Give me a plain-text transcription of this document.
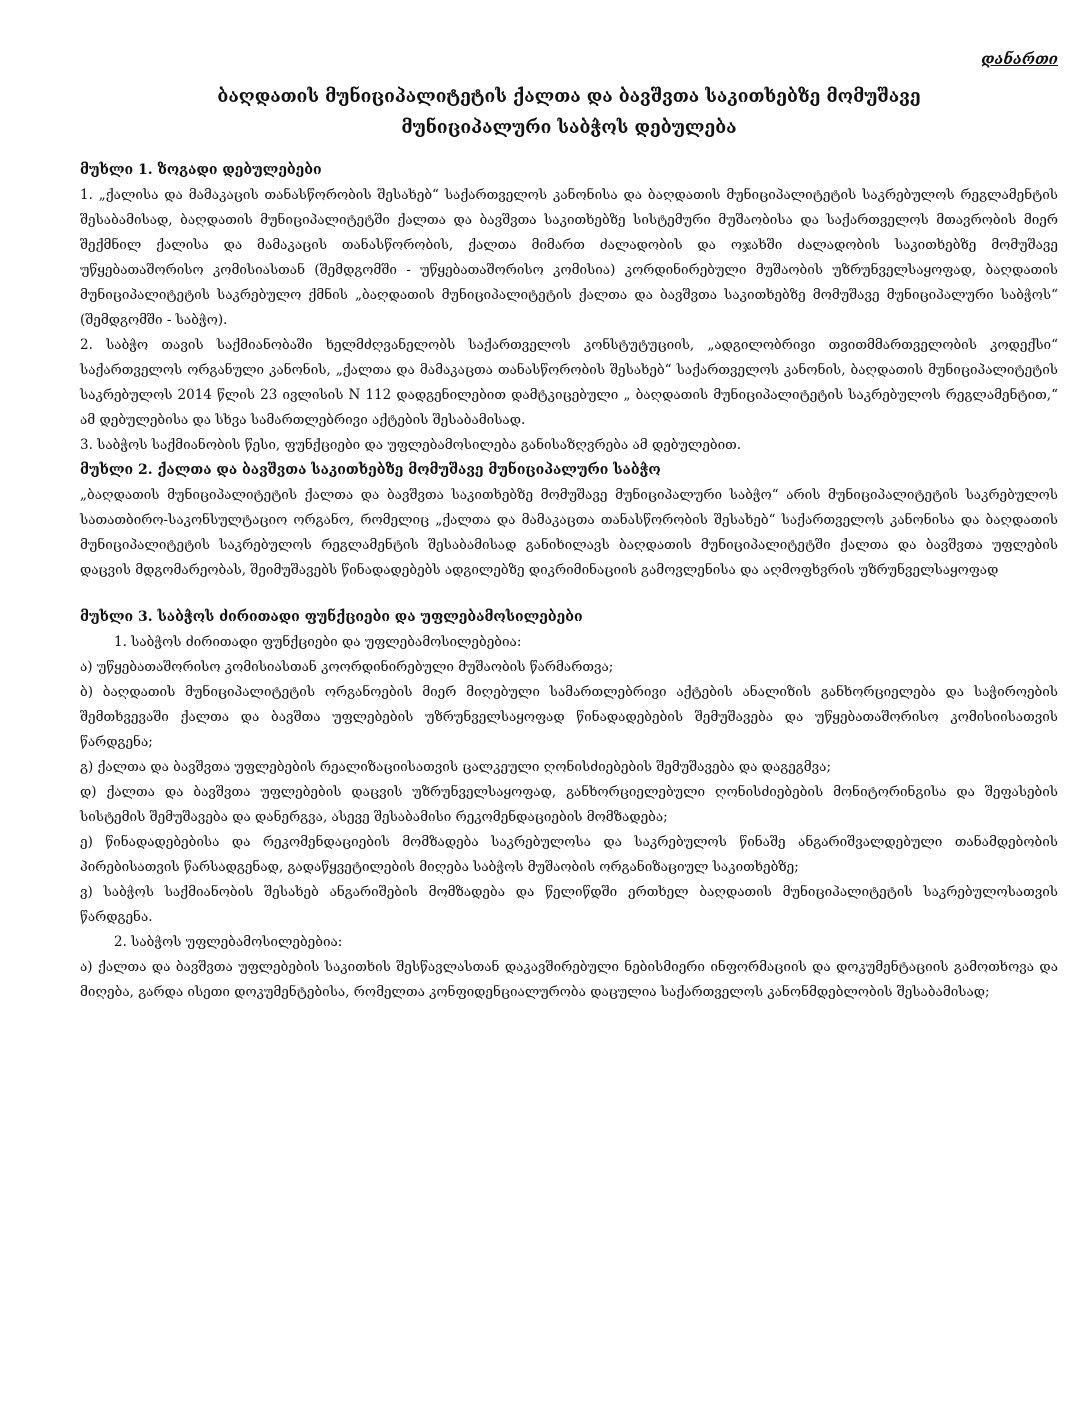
დანართი

ბაღდათის მუნიციპალიტეტის ქალთა და ბავშვთა საკითხებზე მომუშავე
მუნიციპალური საბჭოს დებულება

მუხლი 1. ზოგადი დებულებები

1. „ქალისა და მამაკაცის თანასწორობის შესახებ“ საქართველოს კანონისა და ბაღდათის მუნიციპალიტეტის საკრებულოს რეგლამენტის შესაბამისად, ბაღდათის მუნიციპალიტეტში ქალთა და ბავშვთა საკითხებზე სისტემური მუშაობისა და საქართველოს მთავრობის მიერ შექმნილ ქალისა და მამაკაცის თანასწორობის, ქალთა მიმართ ძალადობის და ოჯახში ძალადობის საკითხებზე მომუშავე უწყებათაშორისო კომისიასთან (შემდგომში - უწყებათაშორისო კომისია) კორდინირებული მუშაობის უზრუნველსაყოფად, ბაღდათის მუნიციპალიტეტის საკრებულო ქმნის „ბაღდათის მუნიციპალიტეტის ქალთა და ბავშვთა საკითხებზე მომუშავე მუნიციპალური საბჭოს“ (შემდგომში - საბჭო).

2. საბჭო თავის საქმიანობაში ხელმძღვანელობს საქართველოს კონსტუტუციის, „ადგილობრივი თვითმმართველობის კოდექსი“ საქართველოს ორგანული კანონის, „ქალთა და მამაკაცთა თანასწორობის შესახებ“ საქართველოს კანონის, ბაღდათის მუნიციპალიტეტის საკრებულოს 2014 წლის 23 ივლისის N 112 დადგენილებით დამტკიცებული „ ბაღდათის მუნიციპალიტეტის საკრებულოს რეგლამენტით,“ ამ დებულებისა და სხვა სამართლებრივი აქტების შესაბამისად.

3. საბჭოს საქმიანობის წესი, ფუნქციები და უფლებამოსილება განისაზღვრება ამ დებულებით.

მუხლი 2. ქალთა და ბავშვთა საკითხებზე მომუშავე მუნიციპალური საბჭო

„ბაღდათის მუნიციპალიტეტის ქალთა და ბავშვთა საკითხებზე მომუშავე მუნიციპალური საბჭო“ არის მუნიციპალიტეტის საკრებულოს სათათბირო-საკონსულტაციო ორგანო, რომელიც „ქალთა და მამაკაცთა თანასწორობის შესახებ“ საქართველოს კანონისა და ბაღდათის მუნიციპალიტეტის საკრებულოს რეგლამენტის შესაბამისად განიხილავს ბაღდათის მუნიციპალიტეტში ქალთა და ბავშვთა უფლების დაცვის მდგომარეობას, შეიმუშავებს წინადადებებს ადგილებზე დიკრიმინაციის გამოვლენისა და აღმოფხვრის უზრუნველსაყოფად

მუხლი 3. საბჭოს ძირითადი ფუნქციები და უფლებამოსილებები

1. საბჭოს ძირითადი ფუნქციები და უფლებამოსილებებია:

ა) უწყებათაშორისო კომისიასთან კოორდინირებული მუშაობის წარმართვა;

ბ) ბაღდათის მუნიციპალიტეტის ორგანოების მიერ მიღებული სამართლებრივი აქტების ანალიზის განხორციელება და საჭიროების შემთხვევაში ქალთა და ბავშთა უფლებების უზრუნველსაყოფად წინადადებების შემუშავება და უწყებათაშორისო კომისიისათვის წარდგენა;

გ) ქალთა და ბავშვთა უფლებების რეალიზაციისათვის ცალკეული ღონისძიებების შემუშავება და დაგეგმვა;

დ) ქალთა და ბავშვთა უფლებების დაცვის უზრუნველსაყოფად, განხორციელებული ღონისძიებების მონიტორინგისა და შეფასების სისტემის შემუშავება და დანერგვა, ასევე შესაბამისი რეკომენდაციების მომზადება;

ე) წინადადებებისა და რეკომენდაციების მომზადება საკრებულოსა და საკრებულოს წინაშე ანგარიშვალდებული თანამდებობის პირებისათვის წარსადგენად, გადაწყვეტილების მიღება საბჭოს მუშაობის ორგანიზაციულ საკითხებზე;

ვ) საბჭოს საქმიანობის შესახებ ანგარიშების მომზადება და წელიწდში ერთხელ ბაღდათის მუნიციპალიტეტის საკრებულოსათვის წარდგენა.

2. საბჭოს უფლებამოსილებებია:

ა) ქალთა და ბავშვთა უფლებების საკითხის შესწავლასთან დაკავშირებული ნებისმიერი ინფორმაციის და დოკუმენტაციის გამოთხოვა და მიღება, გარდა ისეთი დოკუმენტებისა, რომელთა კონფიდენციალურობა დაცულია საქართველოს კანონმდებლობის შესაბამისად;
